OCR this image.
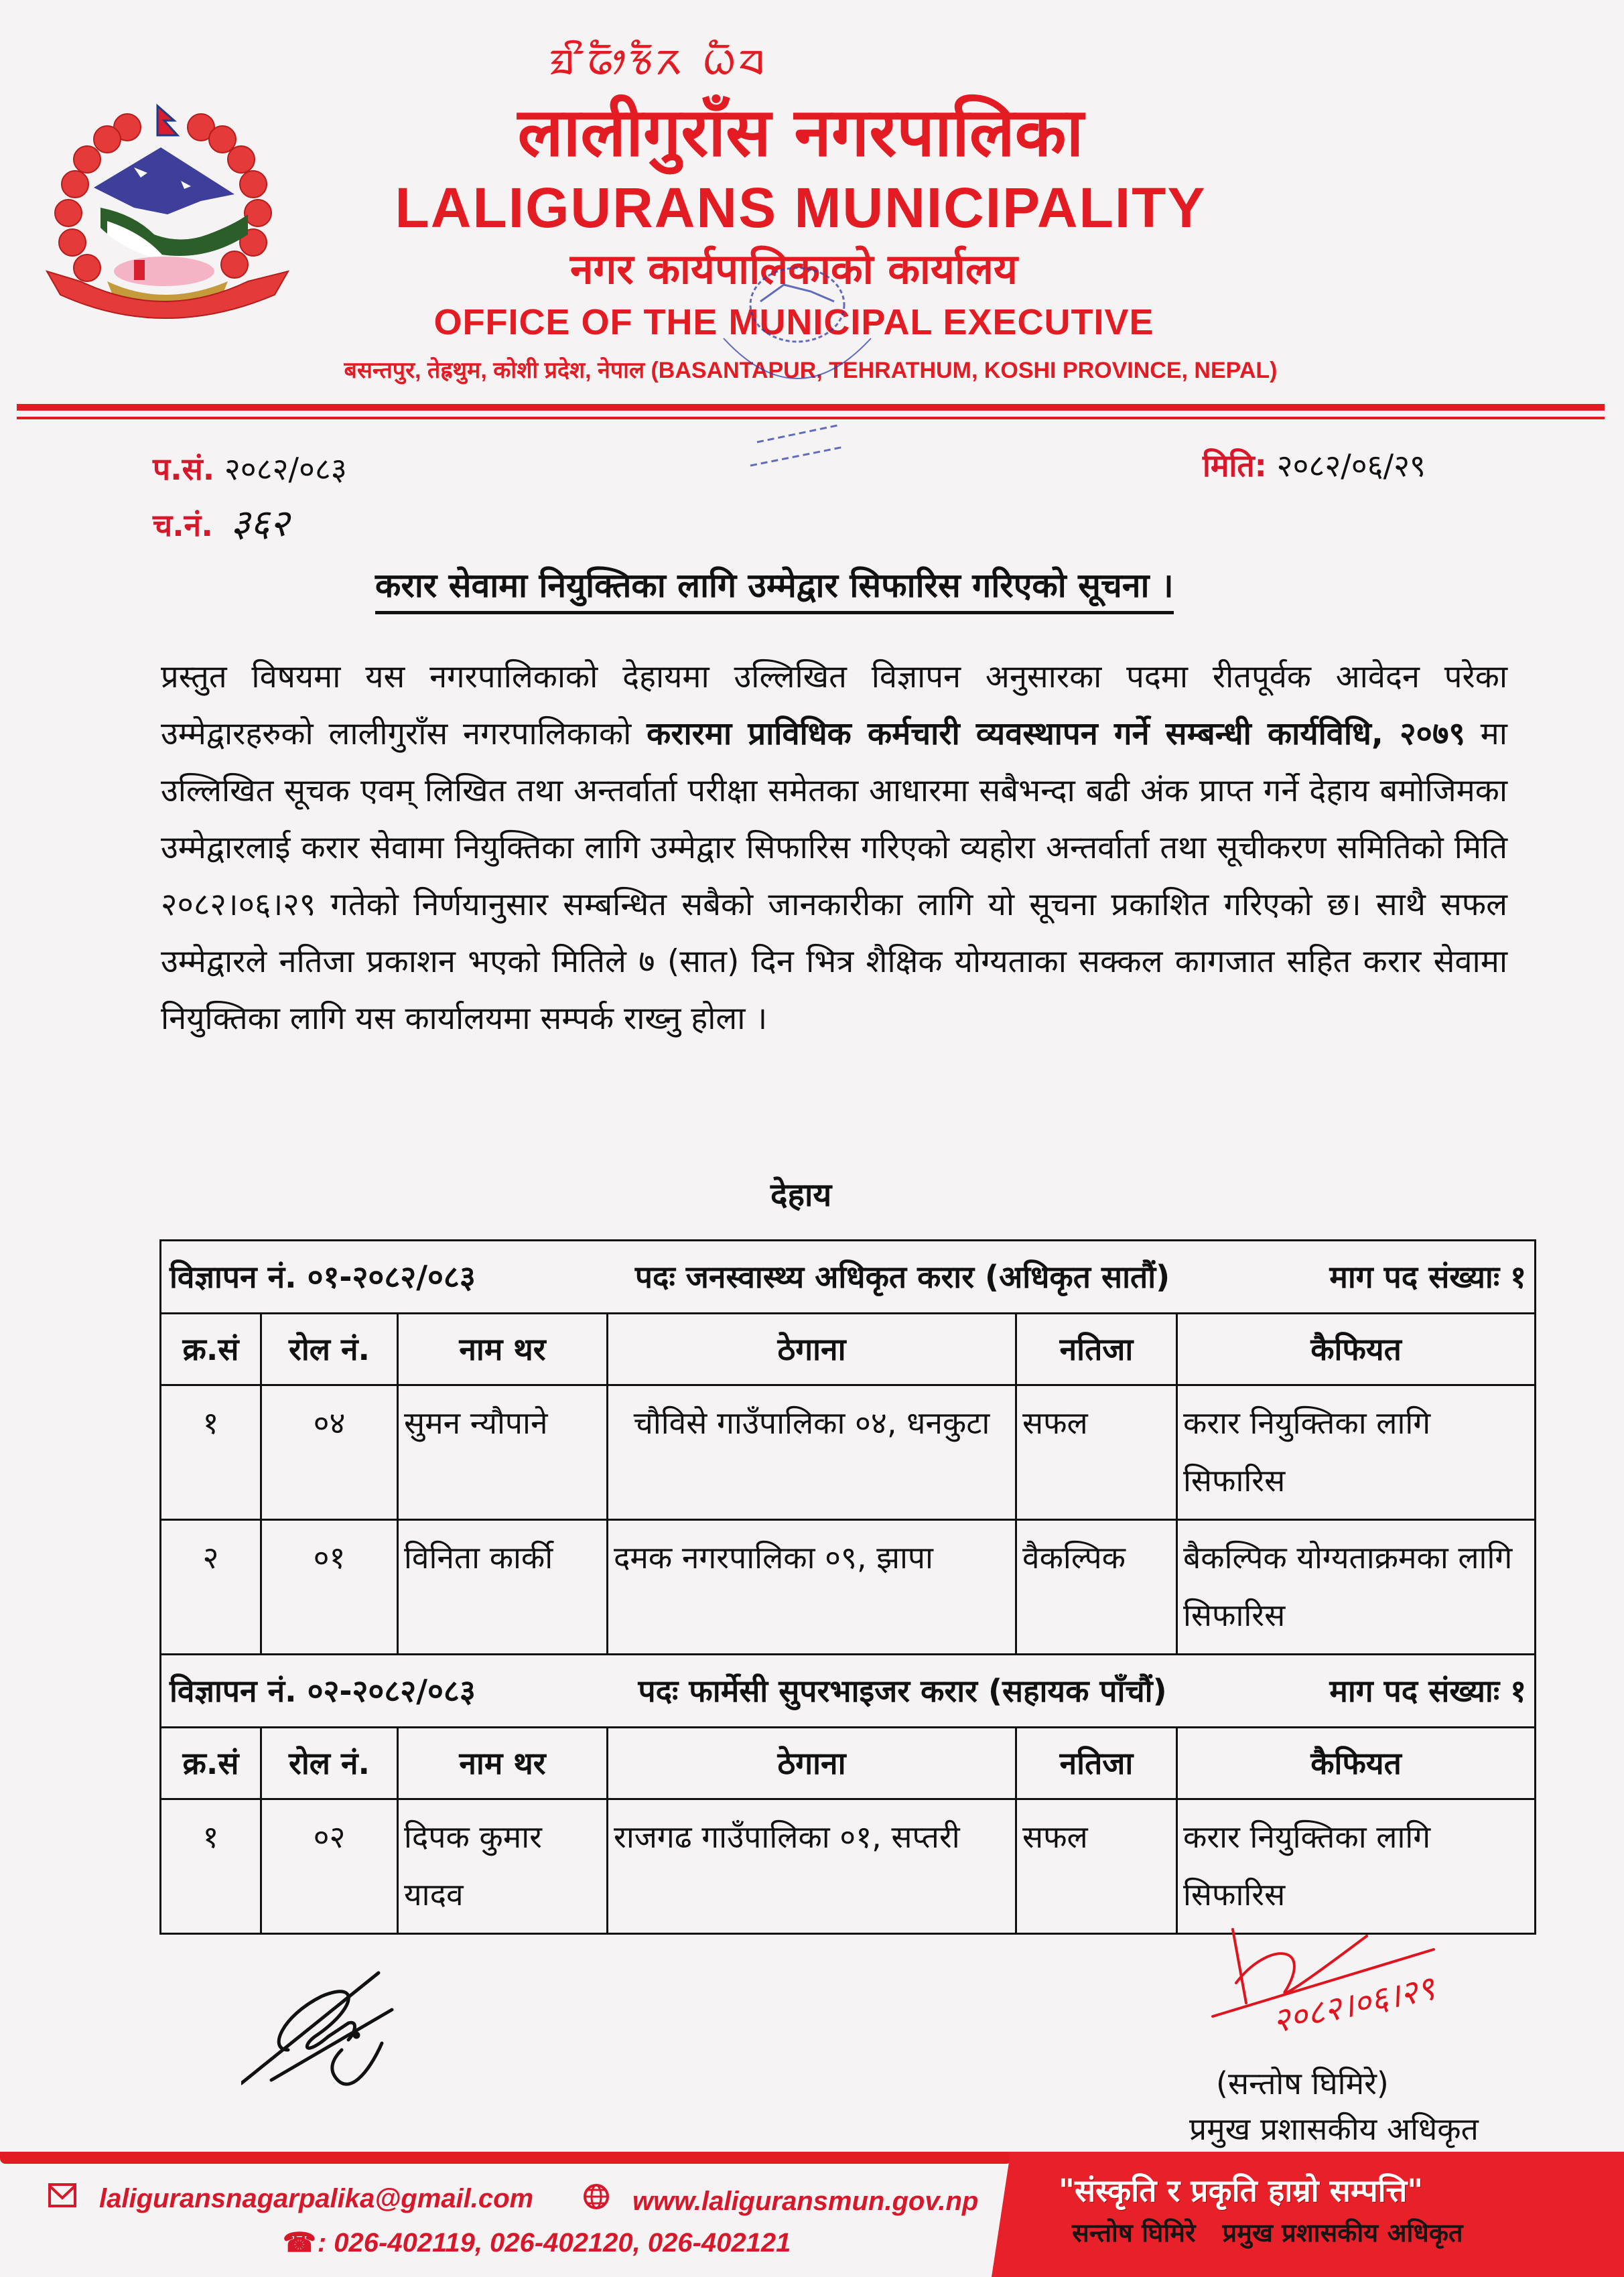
ᤀᤡᤒᤥᤃᤠᤖ ᤐᤠᤔ
लालीगुराँस नगरपालिका
LALIGURANS MUNICIPALITY
नगर कार्यपालिकाको कार्यालय
OFFICE OF THE MUNICIPAL EXECUTIVE
बसन्तपुर, तेह्रथुम, कोशी प्रदेश, नेपाल (BASANTAPUR, TEHRATHUM, KOSHI PROVINCE, NEPAL)
प.सं. २०८२/०८३
च.नं. ३६२
मिति: २०८२/०६/२९
करार सेवामा नियुक्तिका लागि उम्मेद्वार सिफारिस गरिएको सूचना ।
प्रस्तुत विषयमा यस नगरपालिकाको देहायमा उल्लिखित विज्ञापन अनुसारका पदमा रीतपूर्वक आवेदन परेका उम्मेद्वारहरुको लालीगुराँस नगरपालिकाको करारमा प्राविधिक कर्मचारी व्यवस्थापन गर्ने सम्बन्धी कार्यविधि, २०७९ मा उल्लिखित सूचक एवम् लिखित तथा अन्तर्वार्ता परीक्षा समेतका आधारमा सबैभन्दा बढी अंक प्राप्त गर्ने देहाय बमोजिमका उम्मेद्वारलाई करार सेवामा नियुक्तिका लागि उम्मेद्वार सिफारिस गरिएको व्यहोरा अन्तर्वार्ता तथा सूचीकरण समितिको मिति २०८२।०६।२९ गतेको निर्णयानुसार सम्बन्धित सबैको जानकारीका लागि यो सूचना प्रकाशित गरिएको छ। साथै सफल उम्मेद्वारले नतिजा प्रकाशन भएको मितिले ७ (सात) दिन भित्र शैक्षिक योग्यताका सक्कल कागजात सहित करार सेवामा नियुक्तिका लागि यस कार्यालयमा सम्पर्क राख्नु होला ।
देहाय
विज्ञापन नं. ०१-२०८२/०८३ पदः जनस्वास्थ्य अधिकृत करार (अधिकृत सातौं) माग पद संख्याः १					

क्र.सं	रोल नं.	नाम थर	ठेगाना	नतिजा	कैफियत
१	०४	सुमन न्यौपाने	चौविसे गाउँपालिका ०४, धनकुटा	सफल	करार नियुक्तिका लागि सिफारिस
२	०१	विनिता कार्की	दमक नगरपालिका ०९, झापा	वैकल्पिक	बैकल्पिक योग्यताक्रमका लागि सिफारिस

विज्ञापन नं. ०२-२०८२/०८३ पदः फार्मेसी सुपरभाइजर करार (सहायक पाँचौं) माग पद संख्याः १					

क्र.सं	रोल नं.	नाम थर	ठेगाना	नतिजा	कैफियत
१	०२	दिपक कुमार यादव	राजगढ गाउँपालिका ०१, सप्तरी	सफल	करार नियुक्तिका लागि सिफारिस
२०८२।०६।२९
(सन्तोष घिमिरे)
प्रमुख प्रशासकीय अधिकृत
laliguransnagarpalika@gmail.com	www.laliguransmun.gov.np
☎ : 026-402119, 026-402120, 026-402121
"संस्कृति र प्रकृति हाम्रो सम्पत्ति"
सन्तोष घिमिरे प्रमुख प्रशासकीय अधिकृत
